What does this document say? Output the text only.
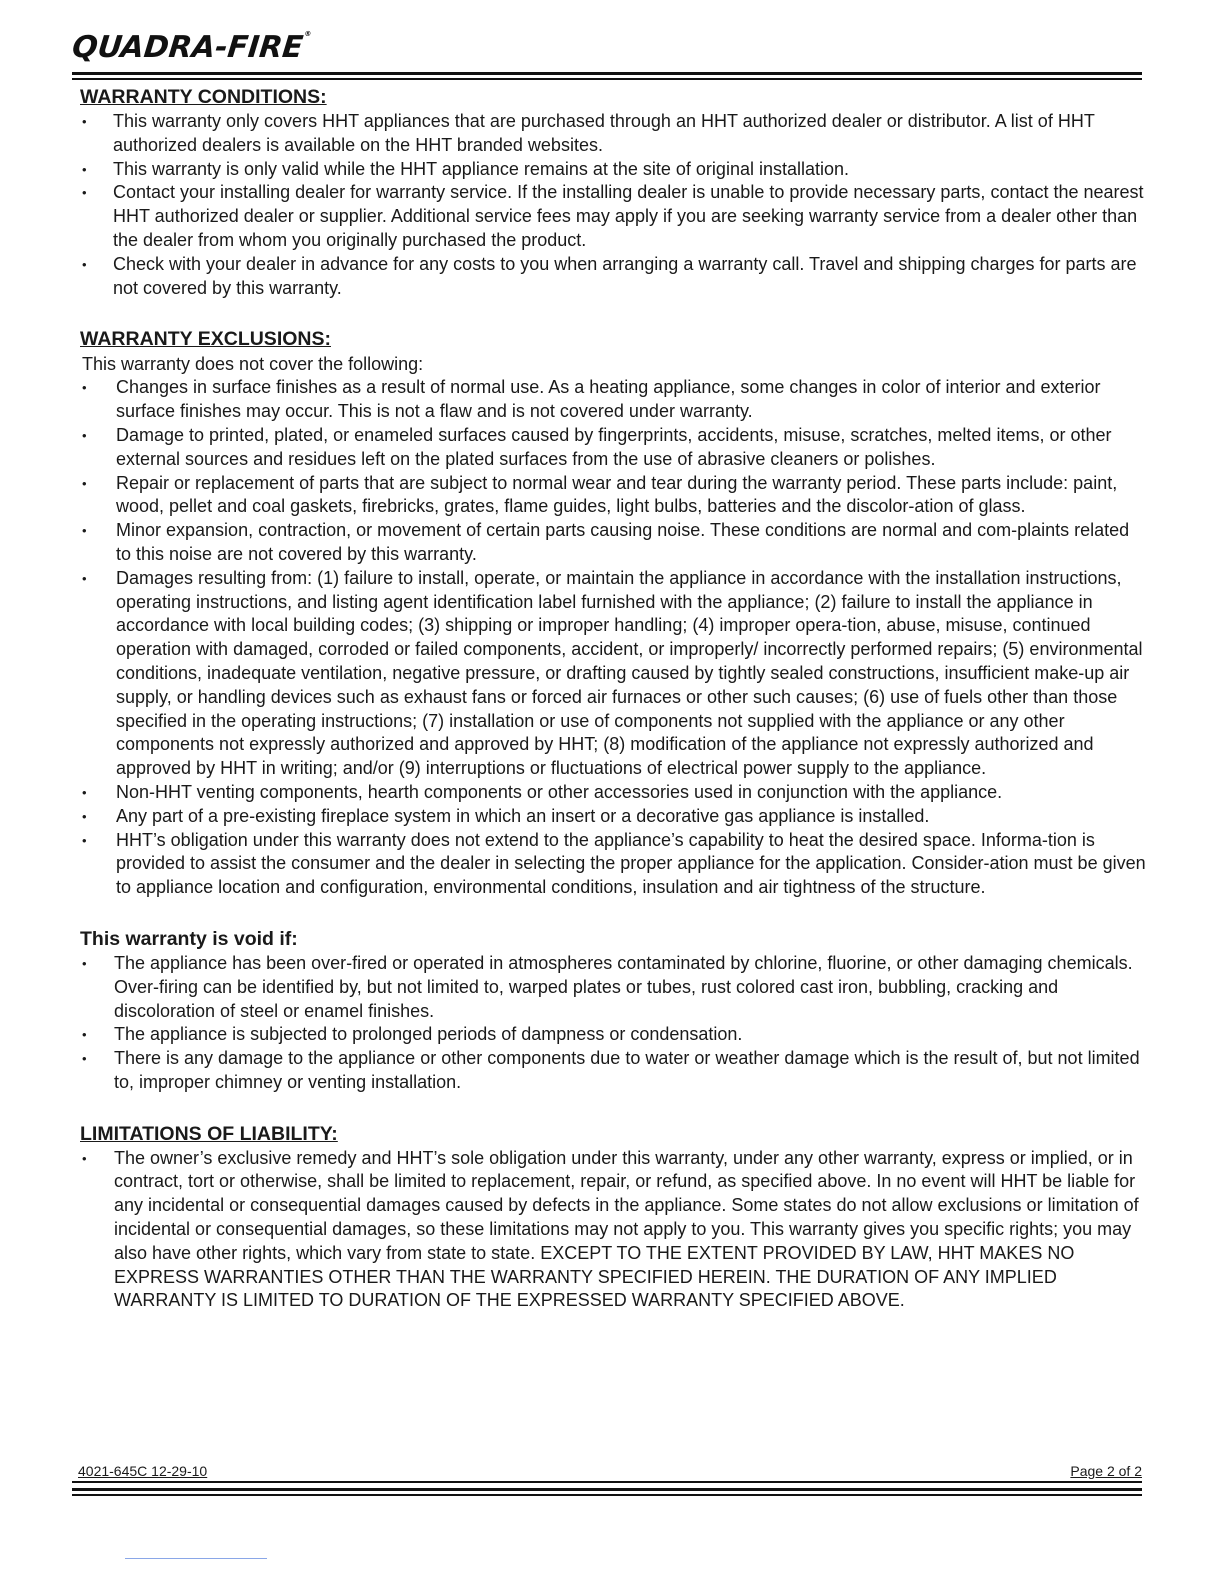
QUADRA-FIRE®
WARRANTY CONDITIONS:
• This warranty only covers HHT appliances that are purchased through an HHT authorized dealer or distributor. A list of HHT authorized dealers is available on the HHT branded websites.
• This warranty is only valid while the HHT appliance remains at the site of original installation.
• Contact your installing dealer for warranty service. If the installing dealer is unable to provide necessary parts, contact the nearest HHT authorized dealer or supplier. Additional service fees may apply if you are seeking warranty service from a dealer other than the dealer from whom you originally purchased the product.
• Check with your dealer in advance for any costs to you when arranging a warranty call. Travel and shipping charges for parts are not covered by this warranty.
WARRANTY EXCLUSIONS:
This warranty does not cover the following:
• Changes in surface finishes as a result of normal use. As a heating appliance, some changes in color of interior and exterior surface finishes may occur. This is not a flaw and is not covered under warranty.
• Damage to printed, plated, or enameled surfaces caused by fingerprints, accidents, misuse, scratches, melted items, or other external sources and residues left on the plated surfaces from the use of abrasive cleaners or polishes.
• Repair or replacement of parts that are subject to normal wear and tear during the warranty period. These parts include: paint, wood, pellet and coal gaskets, firebricks, grates, flame guides, light bulbs, batteries and the discolor-ation of glass.
• Minor expansion, contraction, or movement of certain parts causing noise. These conditions are normal and com-plaints related to this noise are not covered by this warranty.
• Damages resulting from: (1) failure to install, operate, or maintain the appliance in accordance with the installation instructions, operating instructions, and listing agent identification label furnished with the appliance; (2) failure to install the appliance in accordance with local building codes; (3) shipping or improper handling; (4) improper opera-tion, abuse, misuse, continued operation with damaged, corroded or failed components, accident, or improperly/ incorrectly performed repairs; (5) environmental conditions, inadequate ventilation, negative pressure, or drafting caused by tightly sealed constructions, insufficient make-up air supply, or handling devices such as exhaust fans or forced air furnaces or other such causes; (6) use of fuels other than those specified in the operating instructions; (7) installation or use of components not supplied with the appliance or any other components not expressly authorized and approved by HHT; (8) modification of the appliance not expressly authorized and approved by HHT in writing; and/or (9) interruptions or fluctuations of electrical power supply to the appliance.
• Non-HHT venting components, hearth components or other accessories used in conjunction with the appliance.
• Any part of a pre-existing fireplace system in which an insert or a decorative gas appliance is installed.
• HHT’s obligation under this warranty does not extend to the appliance’s capability to heat the desired space. Informa-tion is provided to assist the consumer and the dealer in selecting the proper appliance for the application. Consider-ation must be given to appliance location and configuration, environmental conditions, insulation and air tightness of the structure.
This warranty is void if:
• The appliance has been over-fired or operated in atmospheres contaminated by chlorine, fluorine, or other damaging chemicals. Over-firing can be identified by, but not limited to, warped plates or tubes, rust colored cast iron, bubbling, cracking and discoloration of steel or enamel finishes.
• The appliance is subjected to prolonged periods of dampness or condensation.
• There is any damage to the appliance or other components due to water or weather damage which is the result of, but not limited to, improper chimney or venting installation.
LIMITATIONS OF LIABILITY:
• The owner’s exclusive remedy and HHT’s sole obligation under this warranty, under any other warranty, express or implied, or in contract, tort or otherwise, shall be limited to replacement, repair, or refund, as specified above. In no event will HHT be liable for any incidental or consequential damages caused by defects in the appliance. Some states do not allow exclusions or limitation of incidental or consequential damages, so these limitations may not apply to you. This warranty gives you specific rights; you may also have other rights, which vary from state to state. EXCEPT TO THE EXTENT PROVIDED BY LAW, HHT MAKES NO EXPRESS WARRANTIES OTHER THAN THE WARRANTY SPECIFIED HEREIN. THE DURATION OF ANY IMPLIED WARRANTY IS LIMITED TO DURATION OF THE EXPRESSED WARRANTY SPECIFIED ABOVE.
4021-645C 12-29-10	Page 2 of 2
